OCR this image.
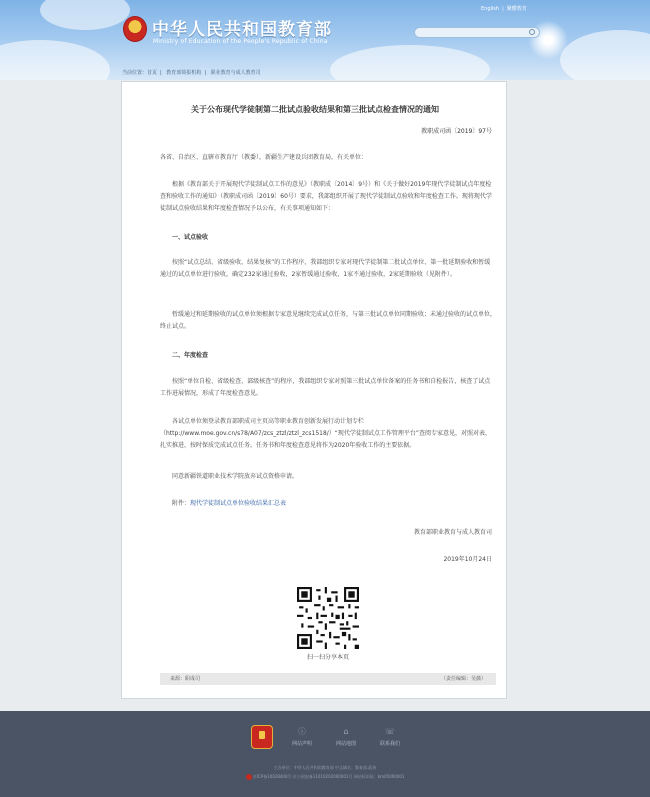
中华人民共和国教育部
Ministry of Education of the People's Republic of China
English | 繁體教育
当前位置：首页 | 教育部简报机构 | 职业教育与成人教育司
关于公布现代学徒制第二批试点验收结果和第三批试点检查情况的通知
教职成司函〔2019〕97号
各省、自治区、直辖市教育厅（教委），新疆生产建设兵团教育局，有关单位：
根据《教育部关于开展现代学徒制试点工作的意见》（教职成〔2014〕9号）和《关于做好2019年现代学徒制试点年度检查和验收工作的通知》（教职成司函〔2019〕60号）要求，我部组织开展了现代学徒制试点验收和年度检查工作。现将现代学徒制试点验收结果和年度检查情况予以公布，有关事项通知如下：
一、试点验收
按照“试点总结、省级验收、结果复核”的工作程序，我部组织专家对现代学徒制第二批试点单位、第一批延期验收和暂缓通过的试点单位进行验收，确定232家通过验收，2家暂缓通过验收，1家不通过验收，2家延期验收（见附件）。
暂缓通过和延期验收的试点单位须根据专家意见继续完成试点任务，与第三批试点单位同期验收；未通过验收的试点单位，终止试点。
二、年度检查
按照“单位自检、省级检查、部级核查”的程序，我部组织专家对照第三批试点单位备案的任务书和自检报告，核查了试点工作进展情况，形成了年度检查意见。
各试点单位须登录教育部职成司主页高等职业教育创新发展行动计划专栏（http://www.moe.gov.cn/s78/A07/zcs_ztzl/ztzl_zcs1518/）“现代学徒制试点工作管理平台”查阅专家意见，对照对表，扎实推进，按时保质完成试点任务。任务书和年度检查意见将作为2020年验收工作的主要依据。
同意新疆铁道职业技术学院放弃试点资格申请。
附件：现代学徒制试点单位验收结果汇总表
教育部职业教育与成人教育司
2019年10月24日
扫一扫分享本页
来源：职成司	（责任编辑：吴薇）
ⓘ
网站声明
⌂
网站地图
☏
联系我们
主办单位：中华人民共和国教育部 中文域名：教育部.政务
京ICP备10028400号 京公网安备11010202000001号 网站标识码：bm05000001
